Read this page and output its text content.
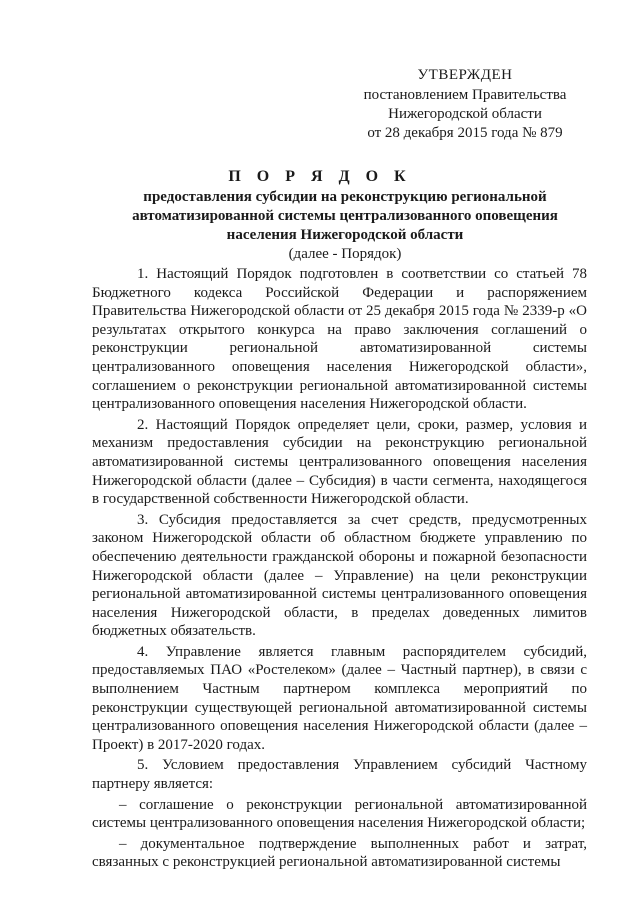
УТВЕРЖДЕН
постановлением Правительства
Нижегородской области
от 28 декабря 2015 года № 879
П О Р Я Д О К
предоставления субсидии на реконструкцию региональной
автоматизированной системы централизованного оповещения
населения Нижегородской области
(далее - Порядок)

1. Настоящий Порядок подготовлен в соответствии со статьей 78 Бюджетного кодекса Российской Федерации и распоряжением Правительства Нижегородской области от 25 декабря 2015 года № 2339-р «О результатах открытого конкурса на право заключения соглашений о реконструкции региональной автоматизированной системы централизованного оповещения населения Нижегородской области», соглашением о реконструкции региональной автоматизированной системы централизованного оповещения населения Нижегородской области.

2. Настоящий Порядок определяет цели, сроки, размер, условия и механизм предоставления субсидии на реконструкцию региональной автоматизированной системы централизованного оповещения населения Нижегородской области (далее – Субсидия) в части сегмента, находящегося в государственной собственности Нижегородской области.

3. Субсидия предоставляется за счет средств, предусмотренных законом Нижегородской области об областном бюджете управлению по обеспечению деятельности гражданской обороны и пожарной безопасности Нижегородской области (далее – Управление) на цели реконструкции региональной автоматизированной системы централизованного оповещения населения Нижегородской области, в пределах доведенных лимитов бюджетных обязательств.

4. Управление является главным распорядителем субсидий, предоставляемых ПАО «Ростелеком» (далее – Частный партнер), в связи с выполнением Частным партнером комплекса мероприятий по реконструкции существующей региональной автоматизированной системы централизованного оповещения населения Нижегородской области (далее – Проект) в 2017-2020 годах.

5. Условием предоставления Управлением субсидий Частному партнеру является:

– соглашение о реконструкции региональной автоматизированной системы централизованного оповещения населения Нижегородской области;

– документальное подтверждение выполненных работ и затрат, связанных с реконструкцией региональной автоматизированной системы
